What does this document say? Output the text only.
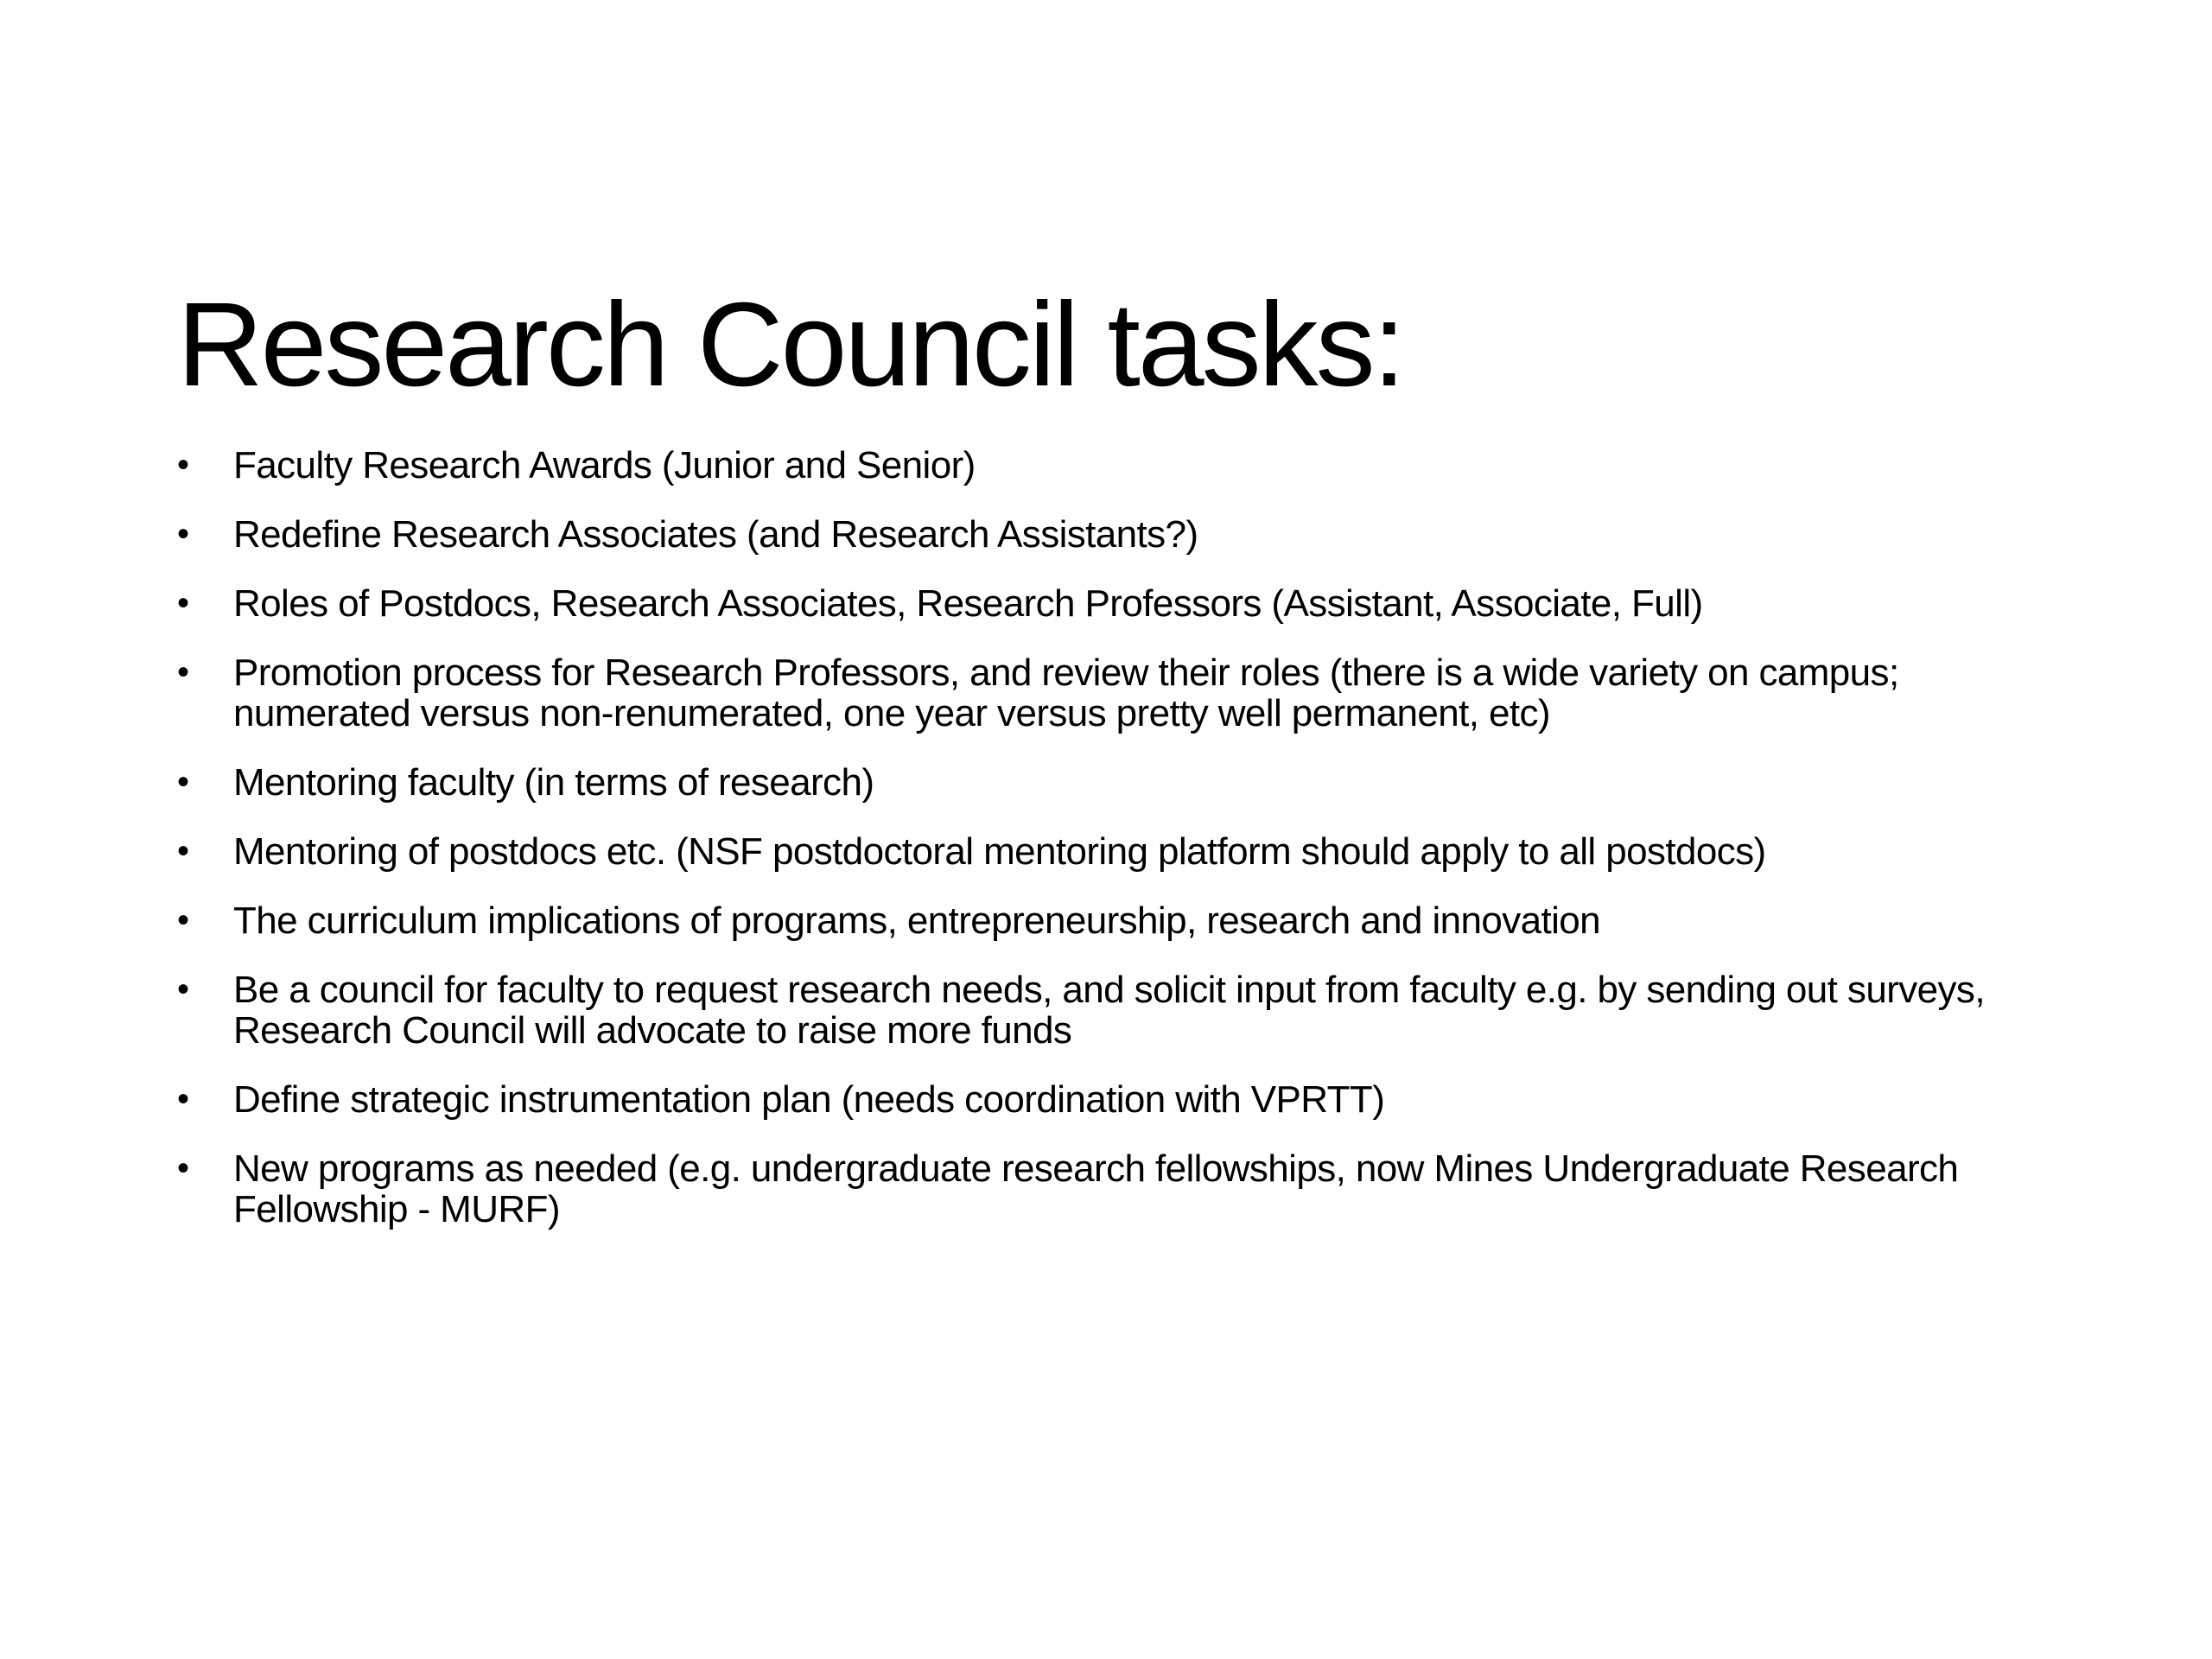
Research Council tasks:
• Faculty Research Awards (Junior and Senior)
• Redefine Research Associates (and Research Assistants?)
• Roles of Postdocs, Research Associates, Research Professors (Assistant, Associate, Full)
• Promotion process for Research Professors, and review their roles (there is a wide variety on campus; numerated versus non-renumerated, one year versus pretty well permanent, etc)
• Mentoring faculty (in terms of research)
• Mentoring of postdocs etc. (NSF postdoctoral mentoring platform should apply to all postdocs)
• The curriculum implications of programs, entrepreneurship, research and innovation
• Be a council for faculty to request research needs, and solicit input from faculty e.g. by sending out surveys, Research Council will advocate to raise more funds
• Define strategic instrumentation plan (needs coordination with VPRTT)
• New programs as needed (e.g. undergraduate research fellowships, now Mines Undergraduate Research Fellowship - MURF)
